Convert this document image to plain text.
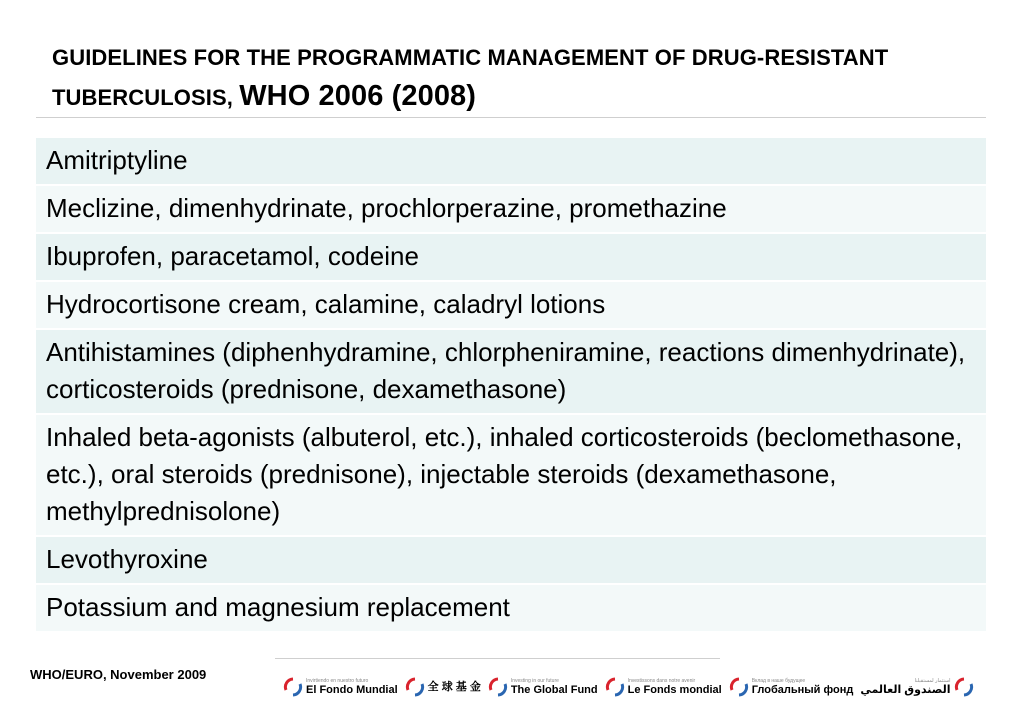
GUIDELINES FOR THE PROGRAMMATIC MANAGEMENT OF DRUG-RESISTANT TUBERCULOSIS, WHO 2006 (2008)
Amitriptyline
Meclizine, dimenhydrinate, prochlorperazine, promethazine
Ibuprofen, paracetamol, codeine
Hydrocortisone cream, calamine, caladryl lotions
Antihistamines (diphenhydramine, chlorpheniramine, reactions dimenhydrinate), corticosteroids (prednisone, dexamethasone)
Inhaled beta-agonists (albuterol, etc.), inhaled corticosteroids (beclomethasone, etc.), oral steroids (prednisone), injectable steroids (dexamethasone, methylprednisolone)
Levothyroxine
Potassium and magnesium replacement
WHO/EURO, November 2009	Invirtiendo en nuestro futuro
El Fondo Mundial	全 球 基 金	Investing in our future
The Global Fund
Investissons dans notre avenir
Le Fonds mondial
Вклад в наше будущее
Глобальный фонд
استثمار لمستقبلنا
الصندوق العالمي
